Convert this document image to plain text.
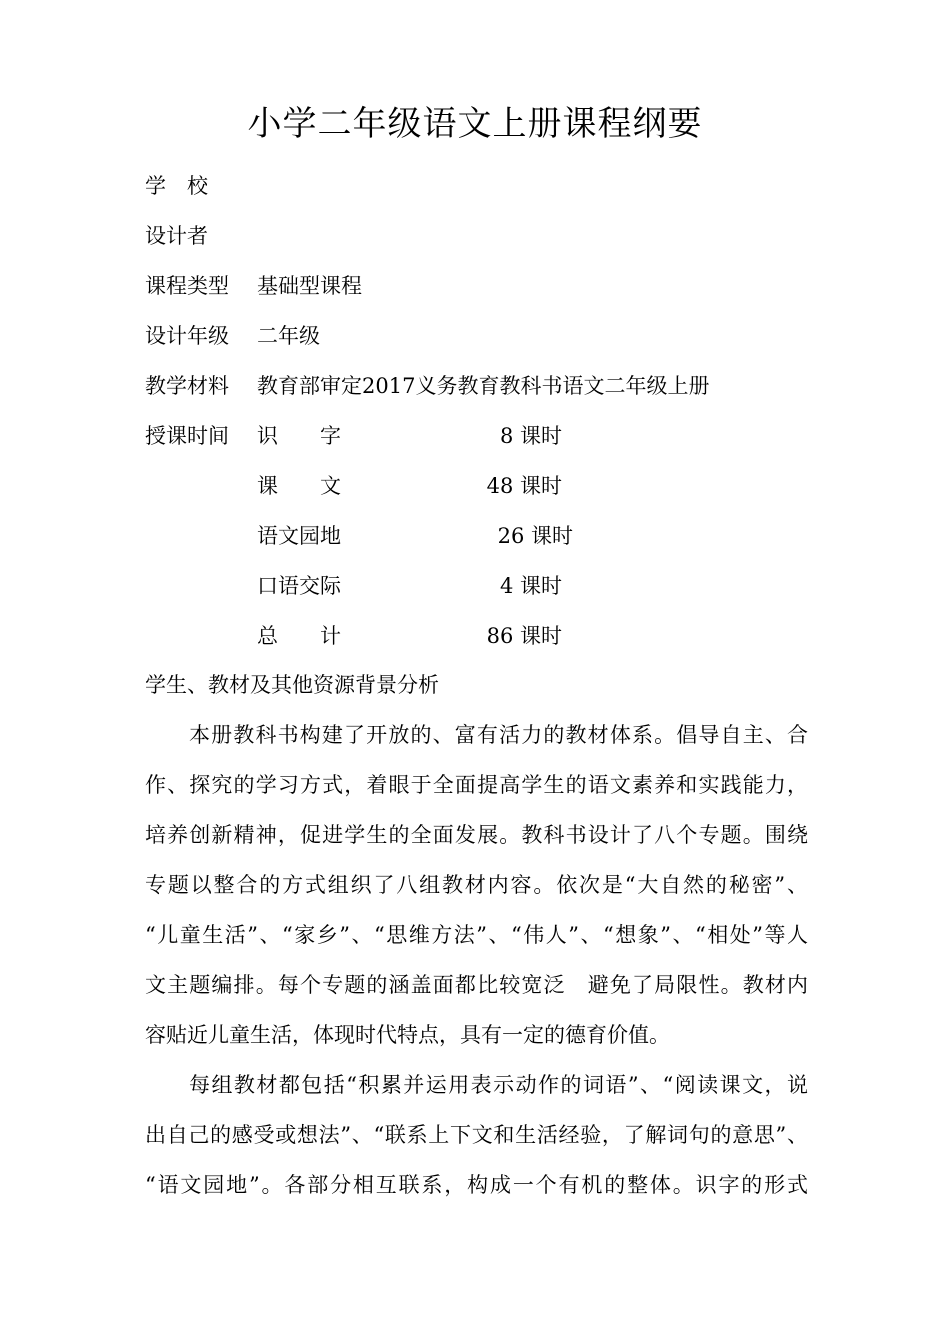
小学二年级语文上册课程纲要
学　校
设计者
课程类型 基础型课程
设计年级 二年级
教学材料 教育部审定2017义务教育教科书语文二年级上册
授课时间 识　　字	8 课时
课　　文	48 课时
语文园地	26 课时
口语交际	4 课时
总　　计	86 课时
学生、教材及其他资源背景分析
本册教科书构建了开放的、富有活力的教材体系。倡导自主、合
作、探究的学习方式，着眼于全面提高学生的语文素养和实践能力，
培养创新精神，促进学生的全面发展。教科书设计了八个专题。围绕
专题以整合的方式组织了八组教材内容。依次是“大自然的秘密”、
“儿童生活”、“家乡”、“思维方法”、“伟人”、“想象”、“相处”等人
文主题编排。每个专题的涵盖面都比较宽泛　避免了局限性。教材内
容贴近儿童生活，体现时代特点，具有一定的德育价值。
每组教材都包括“积累并运用表示动作的词语”、“阅读课文，说
出自己的感受或想法”、“联系上下文和生活经验，了解词句的意思”、
“语文园地”。各部分相互联系，构成一个有机的整体。识字的形式
